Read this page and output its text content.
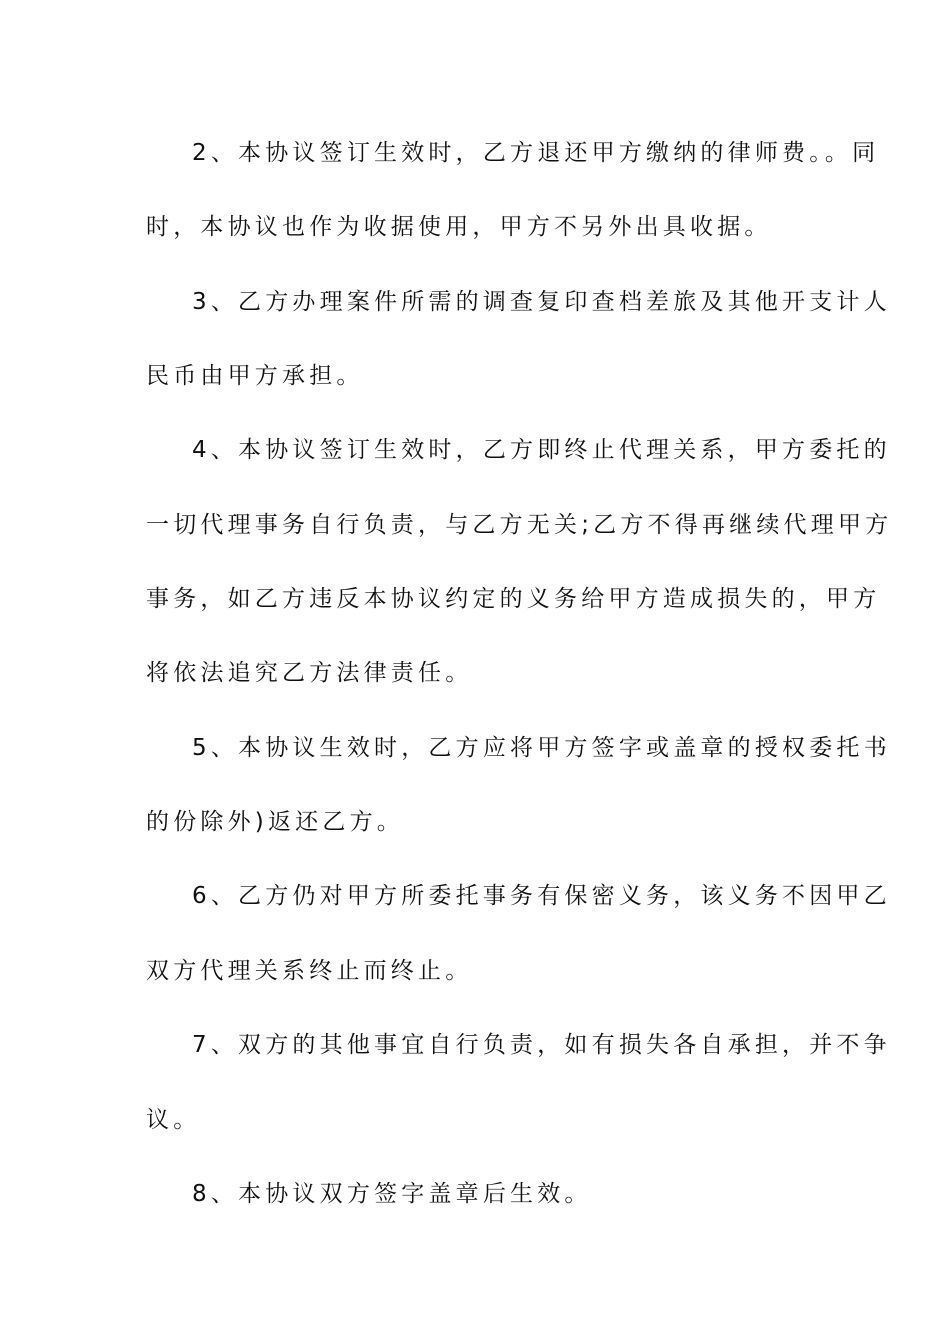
2、本协议签订生效时，乙方退还甲方缴纳的律师费。。同
时，本协议也作为收据使用，甲方不另外出具收据。
3、乙方办理案件所需的调查复印查档差旅及其他开支计人
民币由甲方承担。
4、本协议签订生效时，乙方即终止代理关系，甲方委托的
一切代理事务自行负责，与乙方无关;乙方不得再继续代理甲方
事务，如乙方违反本协议约定的义务给甲方造成损失的，甲方
将依法追究乙方法律责任。
5、本协议生效时，乙方应将甲方签字或盖章的授权委托书
的份除外)返还乙方。
6、乙方仍对甲方所委托事务有保密义务，该义务不因甲乙
双方代理关系终止而终止。
7、双方的其他事宜自行负责，如有损失各自承担，并不争
议。
8、本协议双方签字盖章后生效。
